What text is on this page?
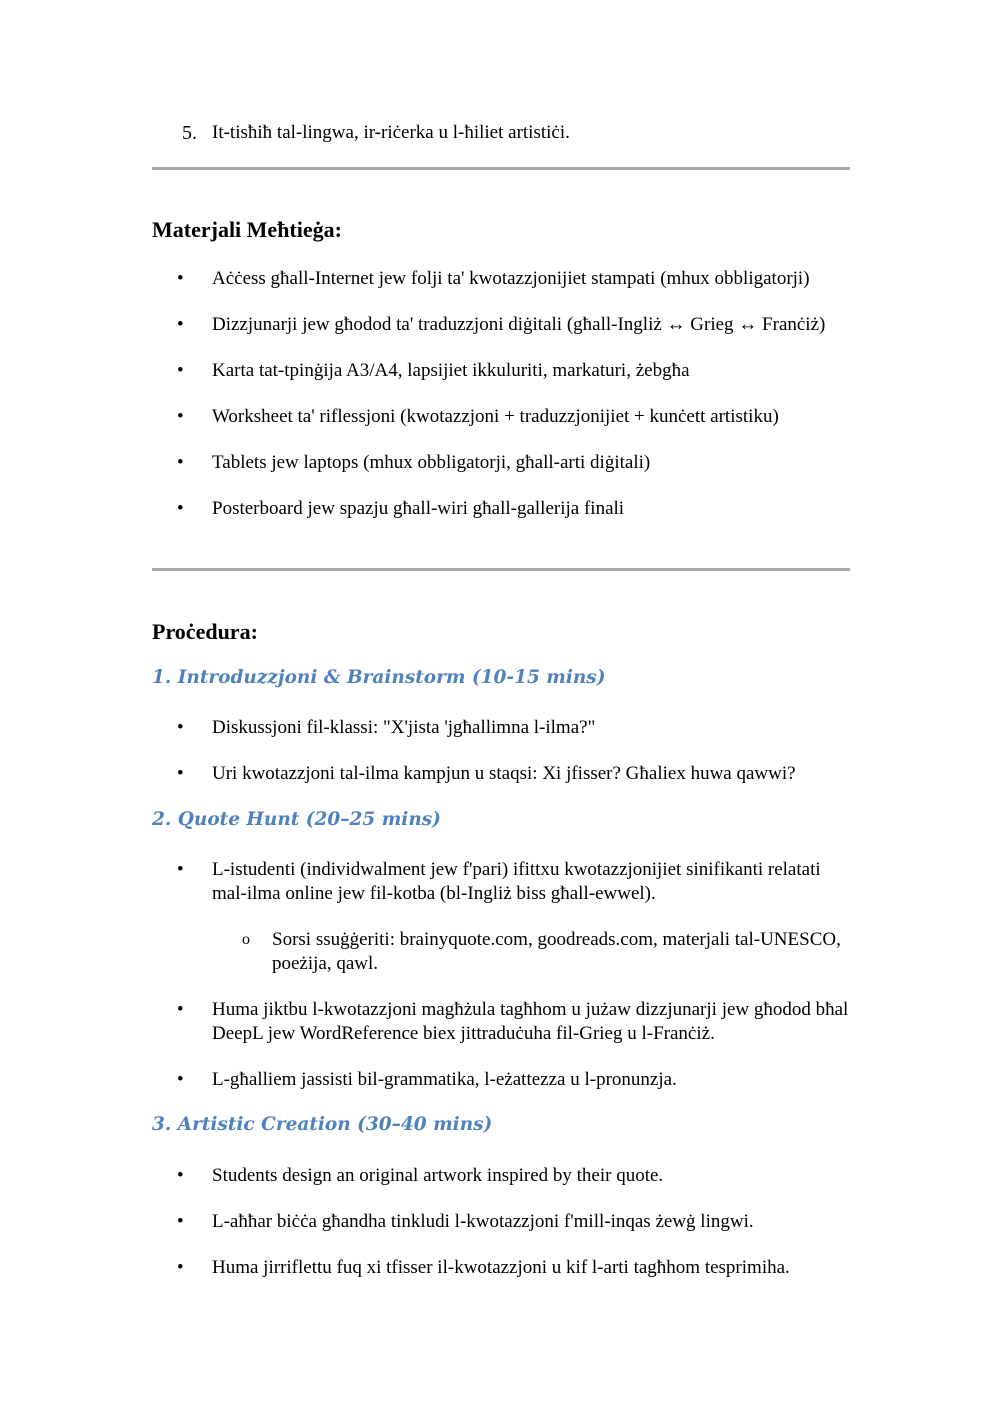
5. It-tisħiħ tal-lingwa, ir-riċerka u l-ħiliet artistiċi.
Materjali Meħtieġa:
• Aċċess għall-Internet jew folji ta' kwotazzjonijiet stampati (mhux obbligatorji)
• Dizzjunarji jew għodod ta' traduzzjoni diġitali (għall-Ingliż ↔ Grieg ↔ Franċiż)
• Karta tat-tpinġija A3/A4, lapsijiet ikkuluriti, markaturi, żebgħa
• Worksheet ta' riflessjoni (kwotazzjoni + traduzzjonijiet + kunċett artistiku)
• Tablets jew laptops (mhux obbligatorji, għall-arti diġitali)
• Posterboard jew spazju għall-wiri għall-gallerija finali
Proċedura:
1. Introduzzjoni & Brainstorm (10-15 mins)
• Diskussjoni fil-klassi: "X'jista 'jgħallimna l-ilma?"
• Uri kwotazzjoni tal-ilma kampjun u staqsi: Xi jfisser? Għaliex huwa qawwi?
2. Quote Hunt (20–25 mins)
• L-istudenti (individwalment jew f'pari) ifittxu kwotazzjonijiet sinifikanti relatati mal-ilma online jew fil-kotba (bl-Ingliż biss għall-ewwel).
o Sorsi ssuġġeriti: brainyquote.com, goodreads.com, materjali tal-UNESCO, poeżija, qawl.
• Huma jiktbu l-kwotazzjoni magħżula tagħhom u jużaw dizzjunarji jew għodod bħal DeepL jew WordReference biex jittraduċuha fil-Grieg u l-Franċiż.
• L-għalliem jassisti bil-grammatika, l-eżattezza u l-pronunzja.
3. Artistic Creation (30–40 mins)
• Students design an original artwork inspired by their quote.
• L-aħħar biċċa għandha tinkludi l-kwotazzjoni f'mill-inqas żewġ lingwi.
• Huma jirriflettu fuq xi tfisser il-kwotazzjoni u kif l-arti tagħhom tesprimiha.
